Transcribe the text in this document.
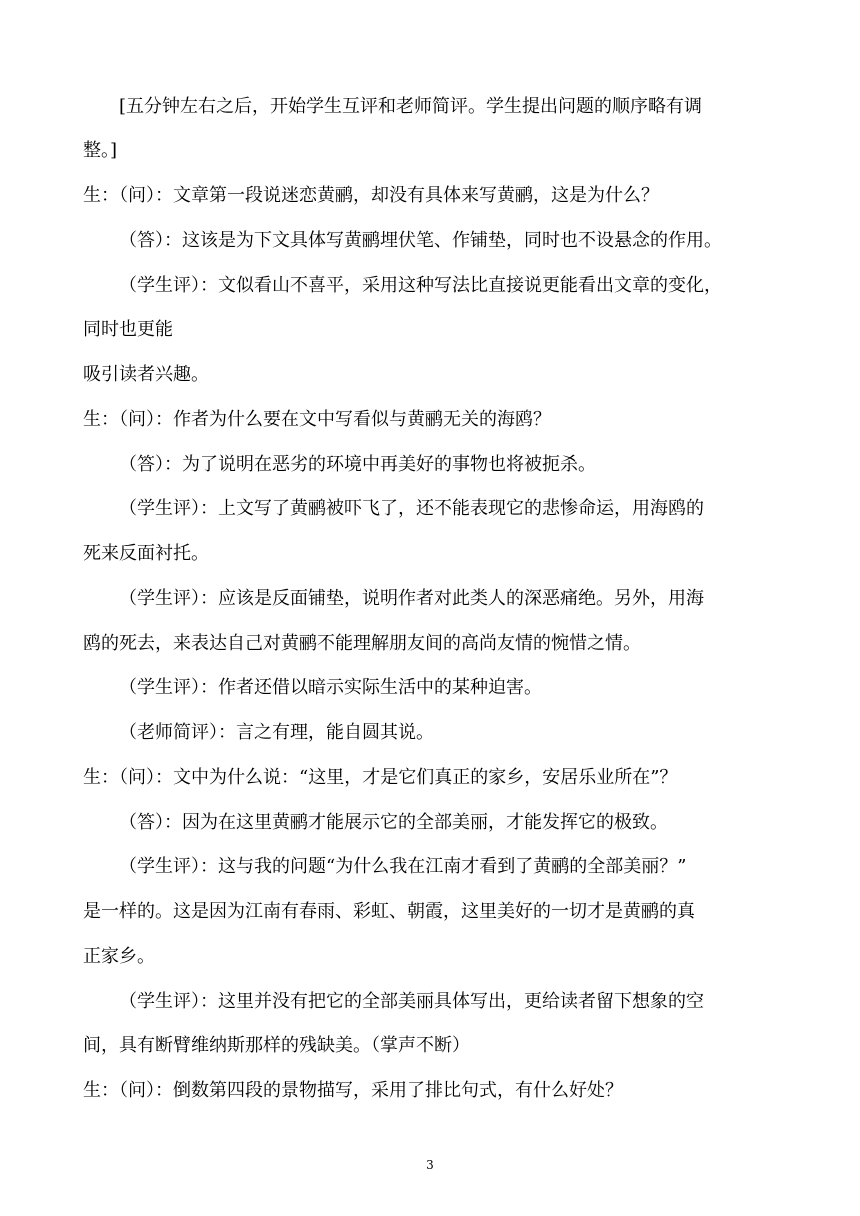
[五分钟左右之后，开始学生互评和老师简评。学生提出问题的顺序略有调
整。]
生：（问）：文章第一段说迷恋黄鹂，却没有具体来写黄鹂，这是为什么？
（答）：这该是为下文具体写黄鹂埋伏笔、作铺垫，同时也不设悬念的作用。
（学生评）：文似看山不喜平，采用这种写法比直接说更能看出文章的变化，
同时也更能
吸引读者兴趣。
生：（问）：作者为什么要在文中写看似与黄鹂无关的海鸥？
（答）：为了说明在恶劣的环境中再美好的事物也将被扼杀。
（学生评）：上文写了黄鹂被吓飞了，还不能表现它的悲惨命运，用海鸥的
死来反面衬托。
（学生评）：应该是反面铺垫，说明作者对此类人的深恶痛绝。另外，用海
鸥的死去，来表达自己对黄鹂不能理解朋友间的高尚友情的惋惜之情。
（学生评）：作者还借以暗示实际生活中的某种迫害。
（老师简评）：言之有理，能自圆其说。
生：（问）：文中为什么说：“这里，才是它们真正的家乡，安居乐业所在”？
（答）：因为在这里黄鹂才能展示它的全部美丽，才能发挥它的极致。
（学生评）：这与我的问题“为什么我在江南才看到了黄鹂的全部美丽？”
是一样的。这是因为江南有春雨、彩虹、朝霞，这里美好的一切才是黄鹂的真
正家乡。
（学生评）：这里并没有把它的全部美丽具体写出，更给读者留下想象的空
间，具有断臂维纳斯那样的残缺美。（掌声不断）
生：（问）：倒数第四段的景物描写，采用了排比句式，有什么好处？
3
